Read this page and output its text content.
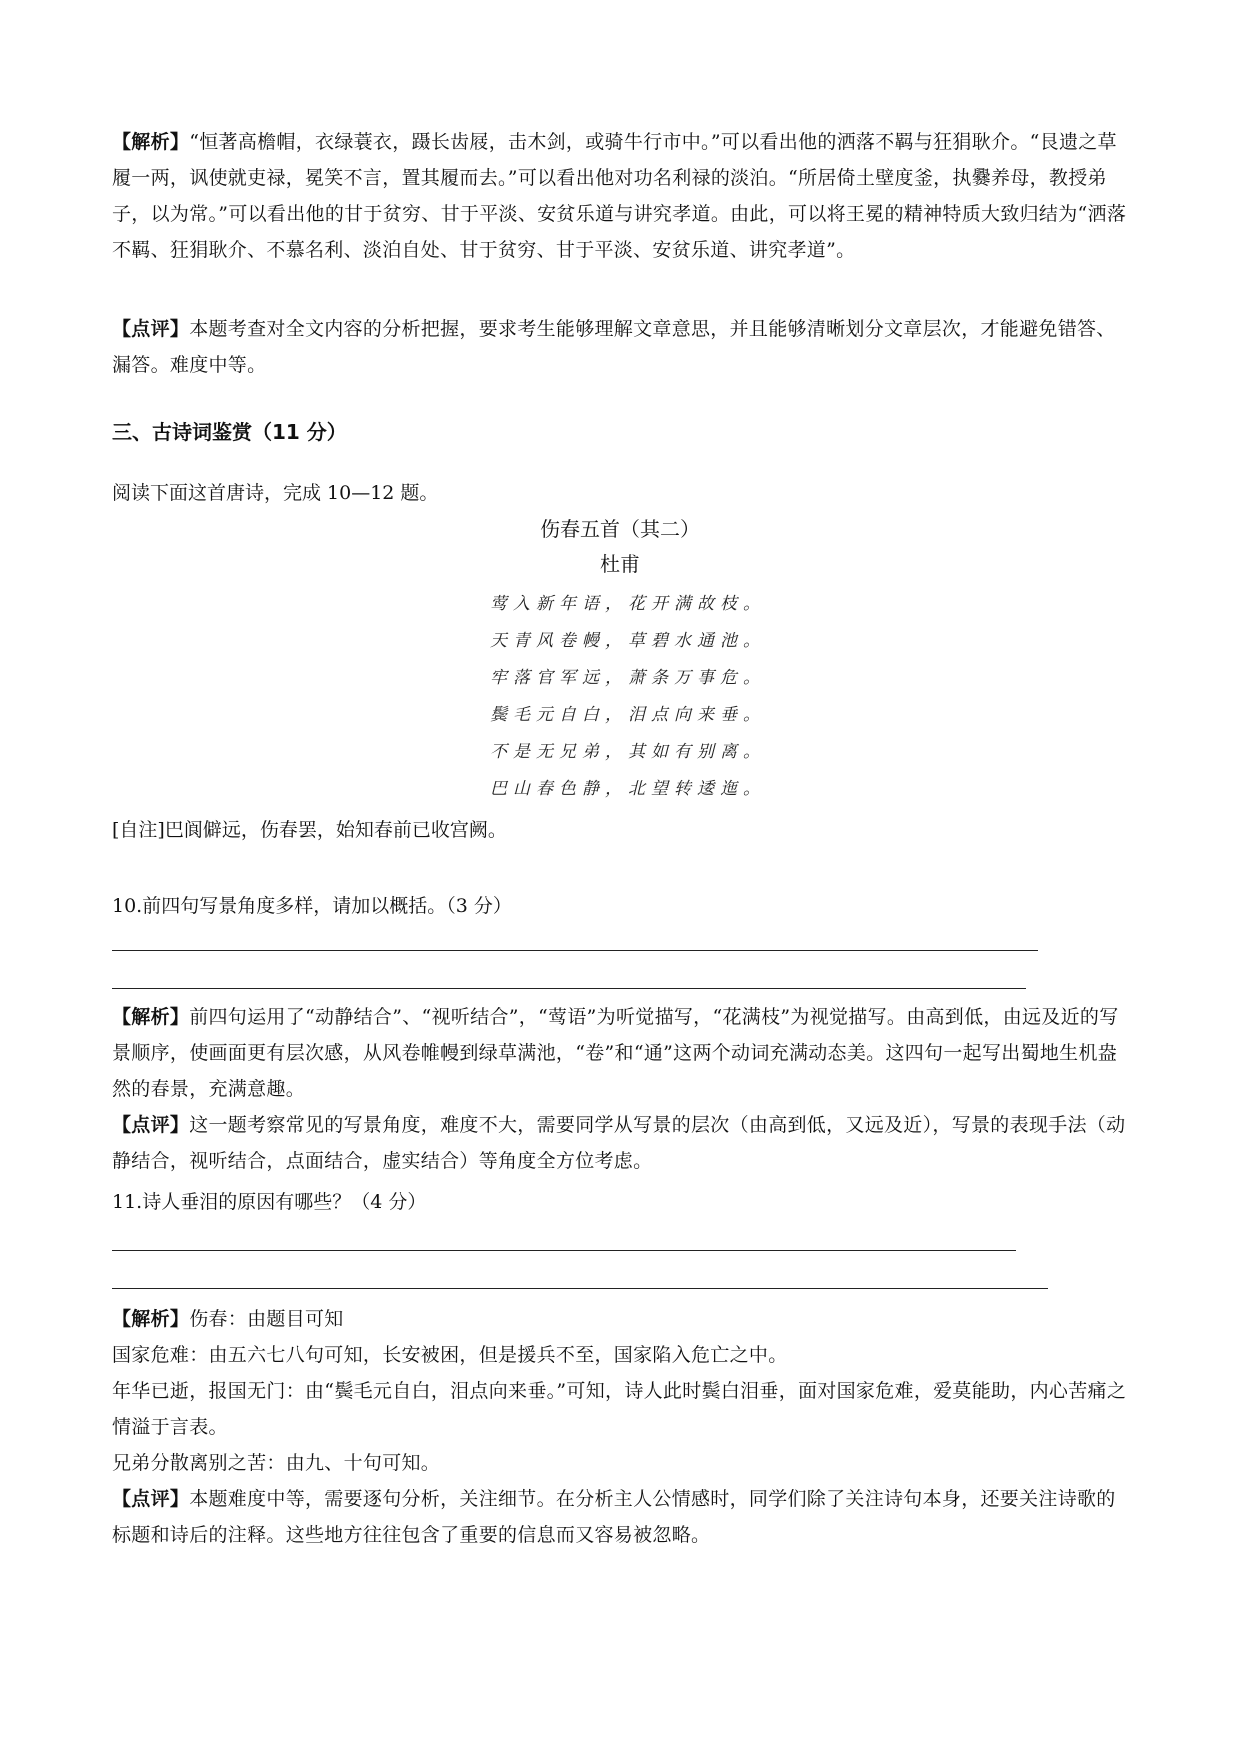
【解析】“恒著高檐帽，衣绿蓑衣，蹑长齿屐，击木剑，或骑牛行市中。”可以看出他的洒落不羁与狂狷耿介。“艮遗之草履一两，讽使就吏禄，冕笑不言，置其履而去。”可以看出他对功名利禄的淡泊。“所居倚土壁度釜，执爨养母，教授弟子，以为常。”可以看出他的甘于贫穷、甘于平淡、安贫乐道与讲究孝道。由此，可以将王冕的精神特质大致归结为“洒落不羁、狂狷耿介、不慕名利、淡泊自处、甘于贫穷、甘于平淡、安贫乐道、讲究孝道”。

【点评】本题考查对全文内容的分析把握，要求考生能够理解文章意思，并且能够清晰划分文章层次，才能避免错答、漏答。难度中等。

三、古诗词鉴赏（11 分）
阅读下面这首唐诗，完成 10—12 题。
伤春五首（其二）
杜甫
莺入新年语，花开满故枝。
天青风卷幔，草碧水通池。
牢落官军远，萧条万事危。
鬓毛元自白，泪点向来垂。
不是无兄弟，其如有别离。
巴山春色静，北望转逶迤。
[自注]巴阆僻远，伤春罢，始知春前已收宫阙。
10.前四句写景角度多样，请加以概括。（3 分）

【解析】前四句运用了“动静结合”、“视听结合”，“莺语”为听觉描写，“花满枝”为视觉描写。由高到低，由远及近的写景顺序，使画面更有层次感，从风卷帷幔到绿草满池，“卷”和“通”这两个动词充满动态美。这四句一起写出蜀地生机盎然的春景，充满意趣。

【点评】这一题考察常见的写景角度，难度不大，需要同学从写景的层次（由高到低，又远及近），写景的表现手法（动静结合，视听结合，点面结合，虚实结合）等角度全方位考虑。

11.诗人垂泪的原因有哪些？（4 分）

【解析】伤春：由题目可知

国家危难：由五六七八句可知，长安被困，但是援兵不至，国家陷入危亡之中。

年华已逝，报国无门：由“鬓毛元自白，泪点向来垂。”可知，诗人此时鬓白泪垂，面对国家危难，爱莫能助，内心苦痛之情溢于言表。

兄弟分散离别之苦：由九、十句可知。

【点评】本题难度中等，需要逐句分析，关注细节。在分析主人公情感时，同学们除了关注诗句本身，还要关注诗歌的标题和诗后的注释。这些地方往往包含了重要的信息而又容易被忽略。
